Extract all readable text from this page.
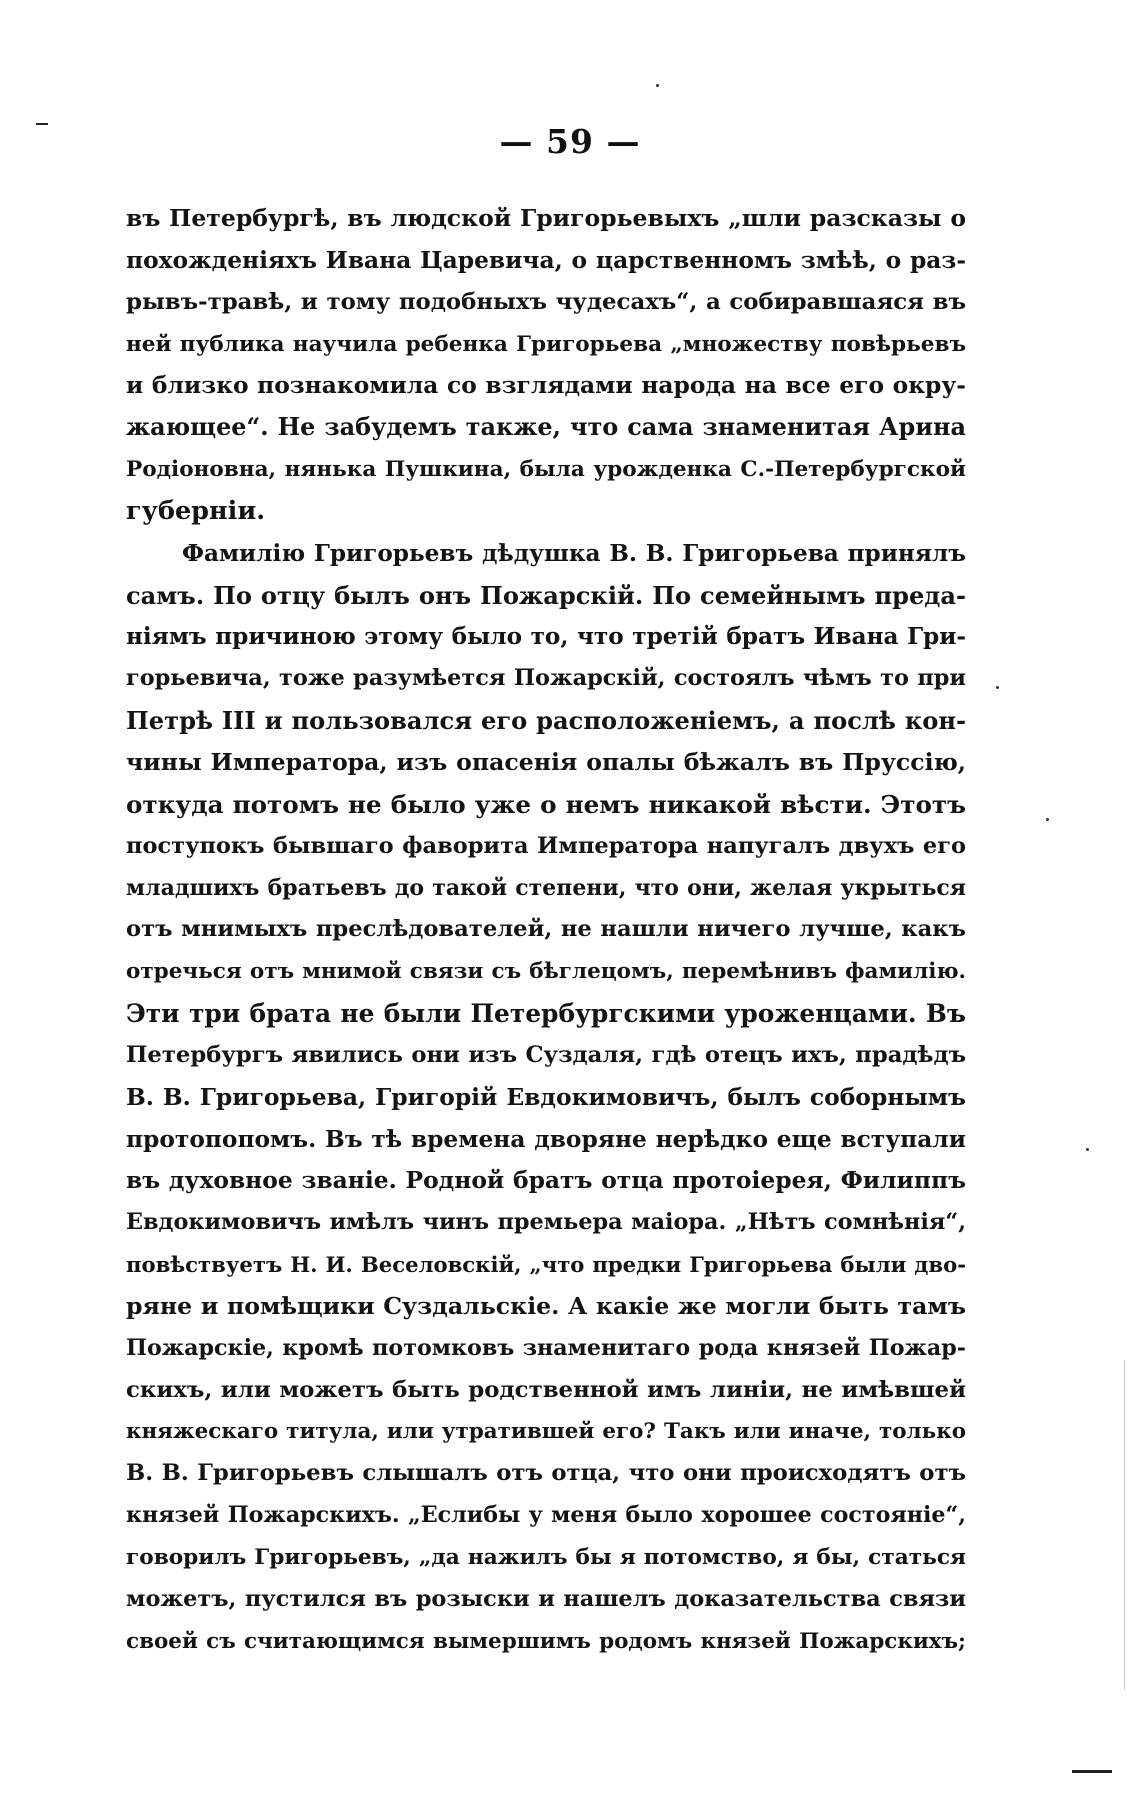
— 59 —
въ Петербургѣ, въ людской Григорьевыхъ „шли разсказы о
похожденіяхъ Ивана Царевича, о царственномъ змѣѣ, о раз-
рывъ-травѣ, и тому подобныхъ чудесахъ“, а собиравшаяся въ
ней публика научила ребенка Григорьева „множеству повѣрьевъ
и близко познакомила со взглядами народа на все его окру-
жающее“. Не забудемъ также, что сама знаменитая Арина
Родіоновна, нянька Пушкина, была урожденка С.-Петербургской
губерніи.
Фамилію Григорьевъ дѣдушка В. В. Григорьева принялъ
самъ. По отцу былъ онъ Пожарскій. По семейнымъ преда-
ніямъ причиною этому было то, что третій братъ Ивана Гри-
горьевича, тоже разумѣется Пожарскій, состоялъ чѣмъ то при
Петрѣ III и пользовался его расположеніемъ, а послѣ кон-
чины Императора, изъ опасенія опалы бѣжалъ въ Пруссію,
откуда потомъ не было уже о немъ никакой вѣсти. Этотъ
поступокъ бывшаго фаворита Императора напугалъ двухъ его
младшихъ братьевъ до такой степени, что они, желая укрыться
отъ мнимыхъ преслѣдователей, не нашли ничего лучше, какъ
отречься отъ мнимой связи съ бѣглецомъ, перемѣнивъ фамилію.
Эти три брата не были Петербургскими уроженцами. Въ
Петербургъ явились они изъ Суздаля, гдѣ отецъ ихъ, прадѣдъ
В. В. Григорьева, Григорій Евдокимовичъ, былъ соборнымъ
протопопомъ. Въ тѣ времена дворяне нерѣдко еще вступали
въ духовное званіе. Родной братъ отца протоіерея, Филиппъ
Евдокимовичъ имѣлъ чинъ премьера маіора. „Нѣтъ сомнѣнія“,
повѣствуетъ Н. И. Веселовскій, „что предки Григорьева были дво-
ряне и помѣщики Суздальскіе. А какіе же могли быть тамъ
Пожарскіе, кромѣ потомковъ знаменитаго рода князей Пожар-
скихъ, или можетъ быть родственной имъ линіи, не имѣвшей
княжескаго титула, или утратившей его? Такъ или иначе, только
В. В. Григорьевъ слышалъ отъ отца, что они происходятъ отъ
князей Пожарскихъ. „Еслибы у меня было хорошее состояніе“,
говорилъ Григорьевъ, „да нажилъ бы я потомство, я бы, статься
можетъ, пустился въ розыски и нашелъ доказательства связи
своей съ считающимся вымершимъ родомъ князей Пожарскихъ;
